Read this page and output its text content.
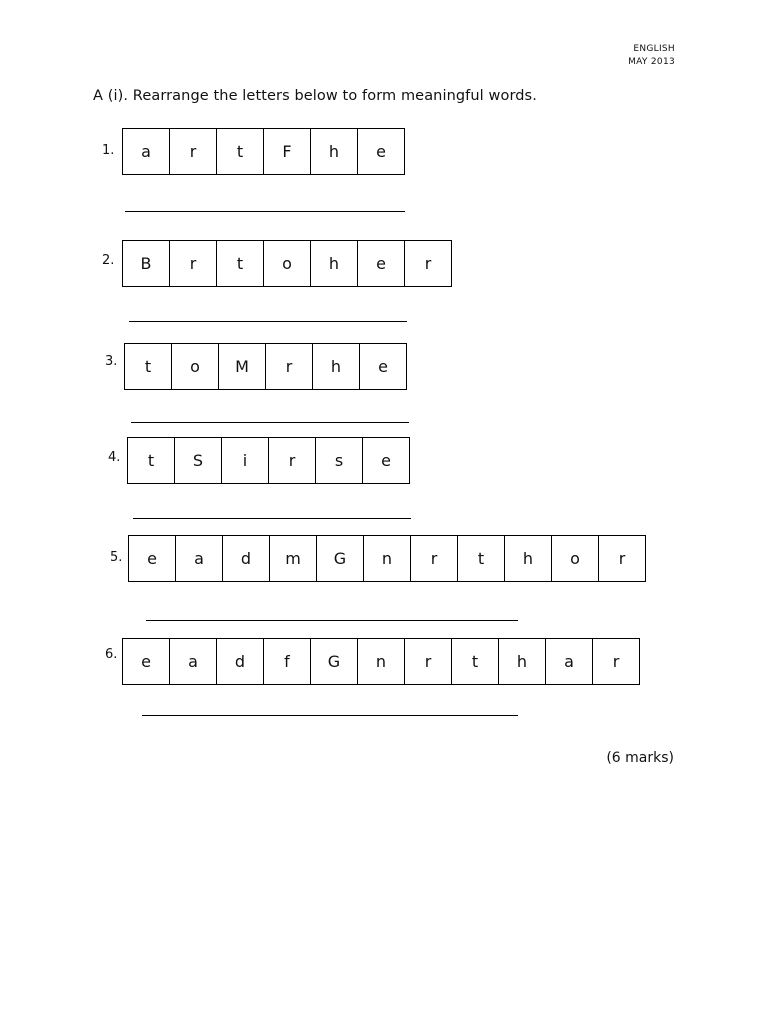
ENGLISH
MAY 2013
A (i). Rearrange the letters below to form meaningful words.
1.	a	r	t	F	h	e
2.	B	r	t	o	h	e	r
3.	t	o	M	r	h	e
4.	t	S	i	r	s	e
5.	e	a	d	m	G	n	r	t	h	o	r
6.	e	a	d	f	G	n	r	t	h	a	r
(6 marks)
